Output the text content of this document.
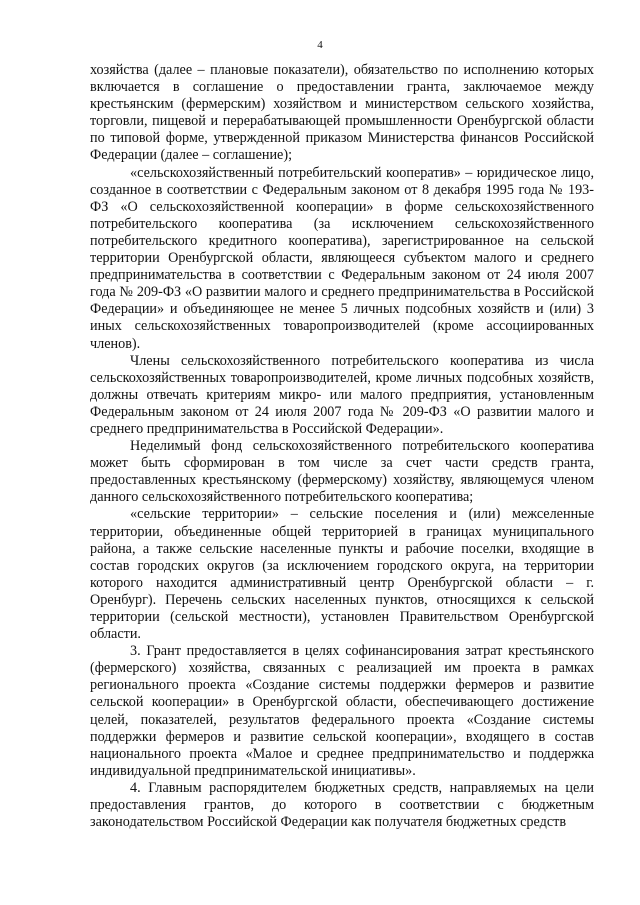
4

хозяйства (далее – плановые показатели), обязательство по исполнению которых включается в соглашение о предоставлении гранта, заключаемое между крестьянским (фермерским) хозяйством и министерством сельского хозяйства, торговли, пищевой и перерабатывающей промышленности Оренбургской области по типовой форме, утвержденной приказом Министерства финансов Российской Федерации (далее – соглашение);

«сельскохозяйственный потребительский кооператив» – юридическое лицо, созданное в соответствии с Федеральным законом от 8 декабря 1995 года № 193-ФЗ «О сельскохозяйственной кооперации» в форме сельскохозяйственного потребительского кооператива (за исключением сельскохозяйственного потребительского кредитного кооператива), зарегистрированное на сельской территории Оренбургской области, являющееся субъектом малого и среднего предпринимательства в соответствии с Федеральным законом от 24 июля 2007 года № 209-ФЗ «О развитии малого и среднего предпринимательства в Российской Федерации» и объединяющее не менее 5 личных подсобных хозяйств и (или) 3 иных сельскохозяйственных товаропроизводителей (кроме ассоциированных членов).

Члены сельскохозяйственного потребительского кооператива из числа сельскохозяйственных товаропроизводителей, кроме личных подсобных хозяйств, должны отвечать критериям микро- или малого предприятия, установленным Федеральным законом от 24 июля 2007 года № 209-ФЗ «О развитии малого и среднего предпринимательства в Российской Федерации».

Неделимый фонд сельскохозяйственного потребительского кооператива может быть сформирован в том числе за счет части средств гранта, предоставленных крестьянскому (фермерскому) хозяйству, являющемуся членом данного сельскохозяйственного потребительского кооператива;

«сельские территории» – сельские поселения и (или) межселенные территории, объединенные общей территорией в границах муниципального района, а также сельские населенные пункты и рабочие поселки, входящие в состав городских округов (за исключением городского округа, на территории которого находится административный центр Оренбургской области – г. Оренбург). Перечень сельских населенных пунктов, относящихся к сельской территории (сельской местности), установлен Правительством Оренбургской области.

3. Грант предоставляется в целях софинансирования затрат крестьянского (фермерского) хозяйства, связанных с реализацией им проекта в рамках регионального проекта «Создание системы поддержки фермеров и развитие сельской кооперации» в Оренбургской области, обеспечивающего достижение целей, показателей, результатов федерального проекта «Создание системы поддержки фермеров и развитие сельской кооперации», входящего в состав национального проекта «Малое и среднее предпринимательство и поддержка индивидуальной предпринимательской инициативы».

4. Главным распорядителем бюджетных средств, направляемых на цели предоставления грантов, до которого в соответствии с бюджетным законодательством Российской Федерации как получателя бюджетных средств
